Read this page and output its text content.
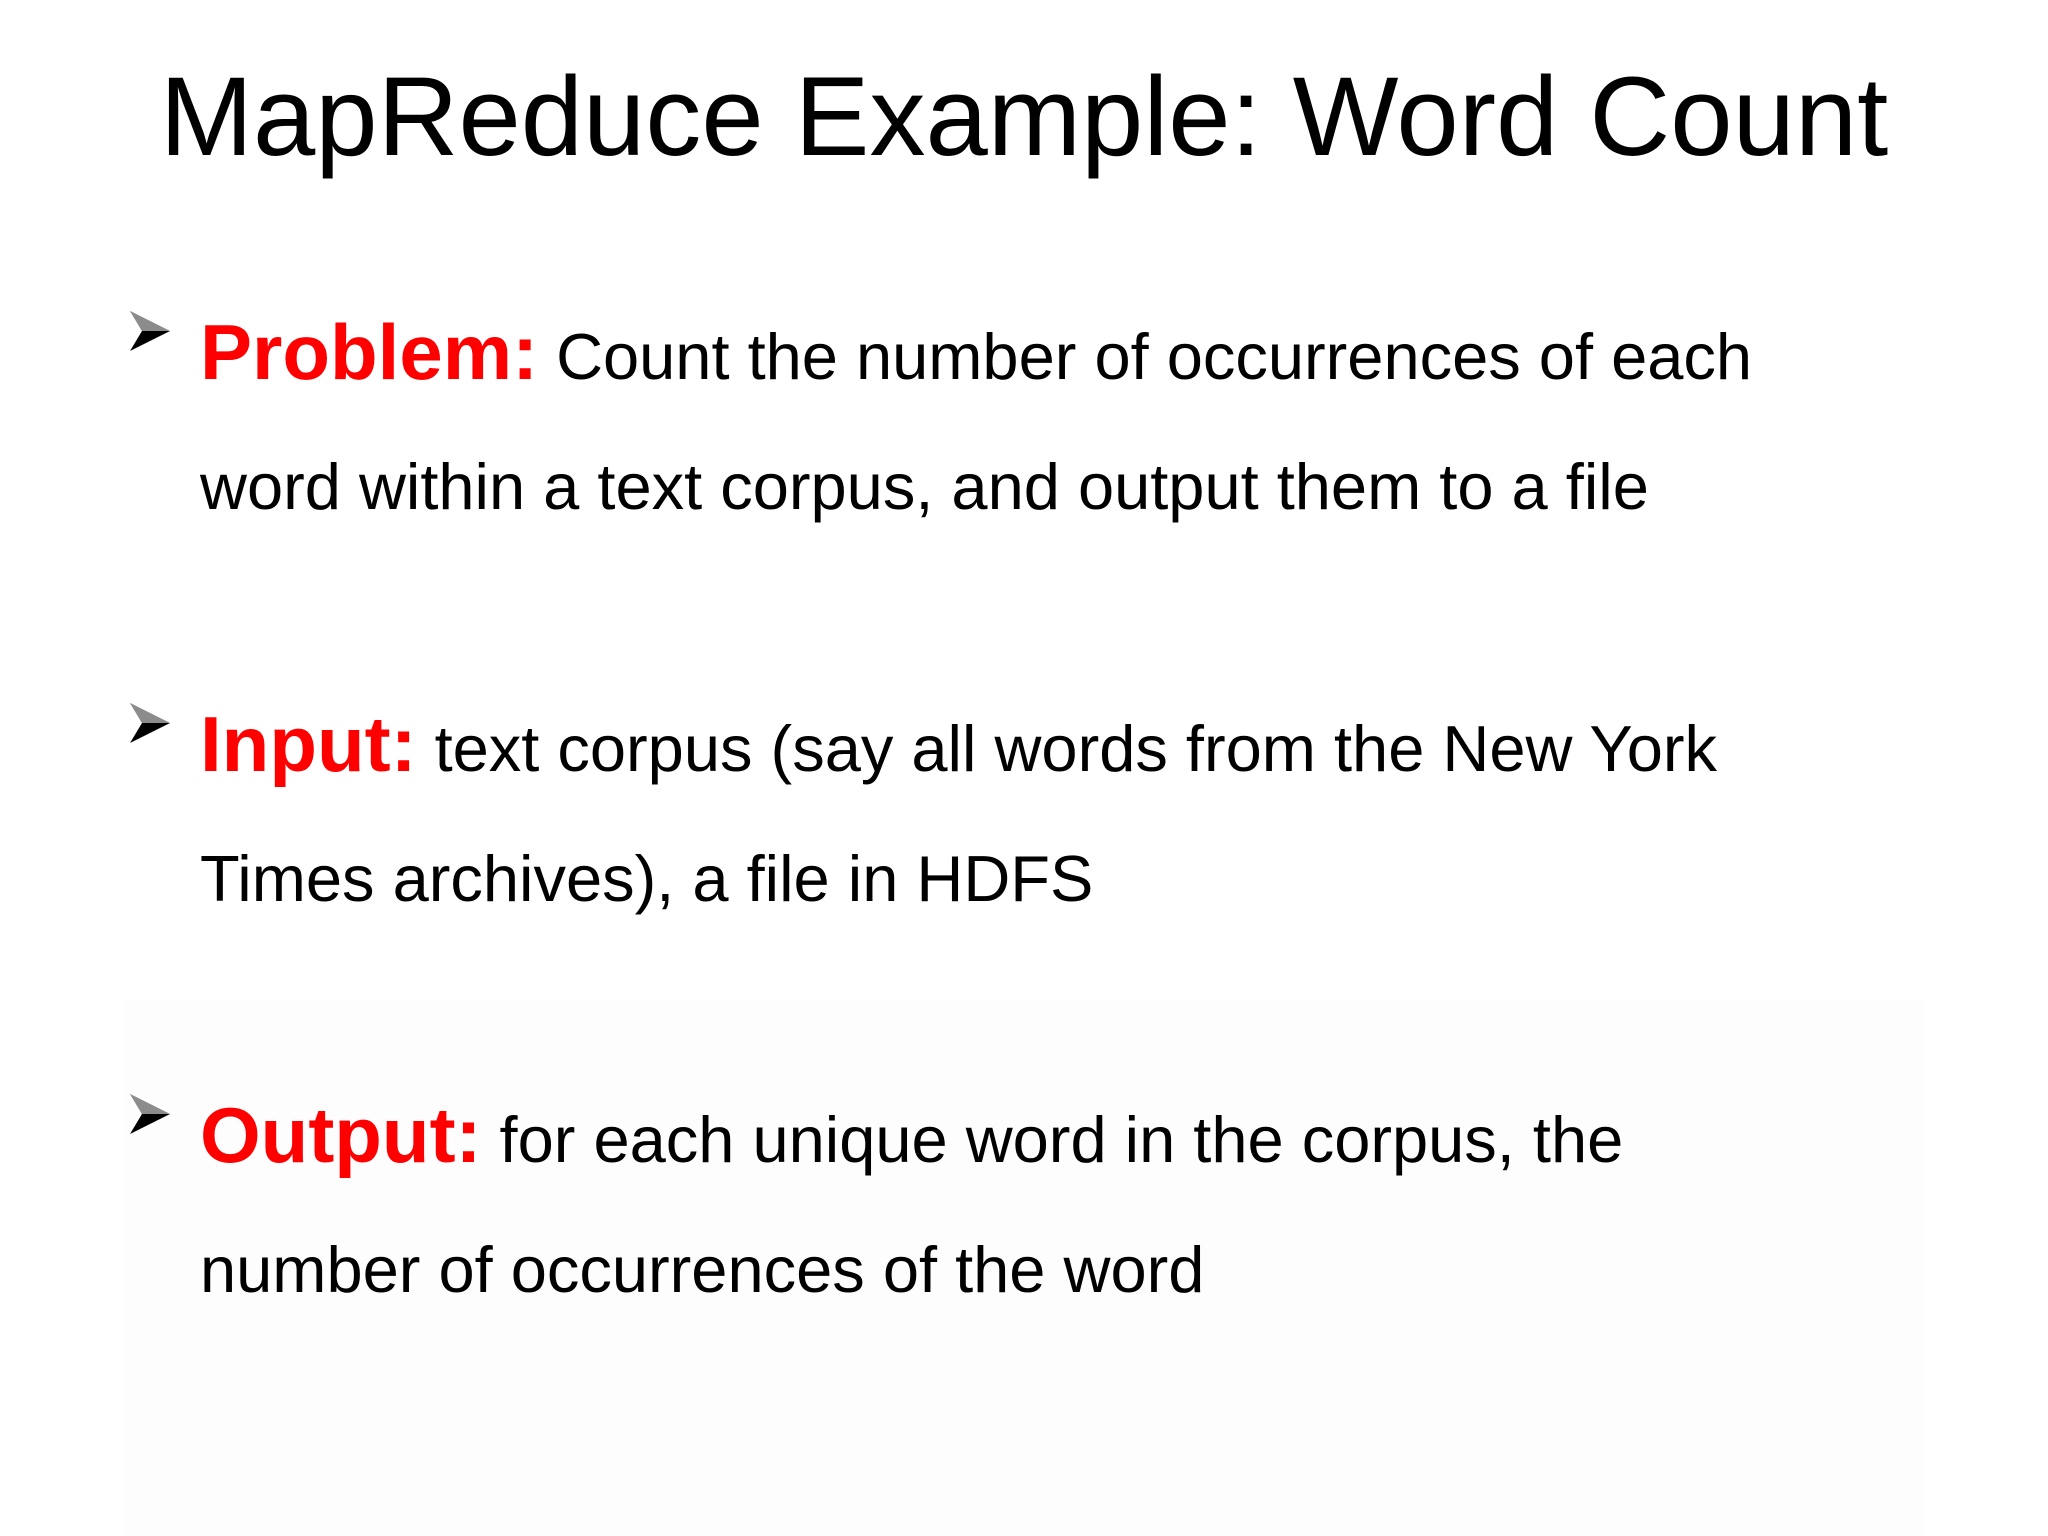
MapReduce Example: Word Count
Problem: Count the number of occurrences of each
word within a text corpus, and output them to a file
Input: text corpus (say all words from the New York
Times archives), a file in HDFS
Output: for each unique word in the corpus, the
number of occurrences of the word
